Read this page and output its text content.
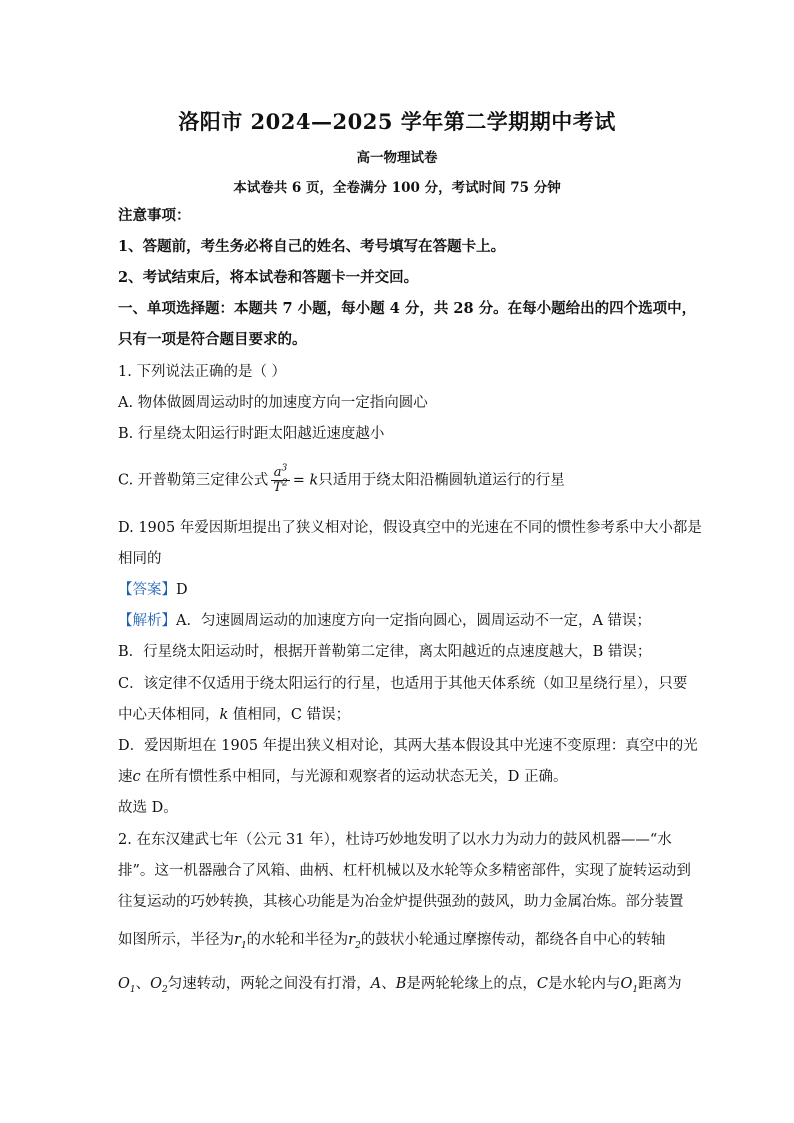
洛阳市 2024—2025 学年第二学期期中考试
高一物理试卷
本试卷共 6 页，全卷满分 100 分，考试时间 75 分钟
注意事项：
1、答题前，考生务必将自己的姓名、考号填写在答题卡上。
2、考试结束后，将本试卷和答题卡一并交回。
一、单项选择题：本题共 7 小题，每小题 4 分，共 28 分。在每小题给出的四个选项中，
只有一项是符合题目要求的。
1. 下列说法正确的是（ ）
A. 物体做圆周运动时的加速度方向一定指向圆心
B. 行星绕太阳运行时距太阳越近速度越小
C. 开普勒第三定律公式 $\frac{a^3}{T^2} = k$只适用于绕太阳沿椭圆轨道运行的行星
D. 1905 年爱因斯坦提出了狭义相对论，假设真空中的光速在不同的惯性参考系中大小都是
相同的
【答案】D
【解析】A．匀速圆周运动的加速度方向一定指向圆心，圆周运动不一定，A 错误；
B．行星绕太阳运动时，根据开普勒第二定律，离太阳越近的点速度越大，B 错误；
C．该定律不仅适用于绕太阳运行的行星，也适用于其他天体系统（如卫星绕行星），只要
中心天体相同，k 值相同，C 错误；
D．爱因斯坦在 1905 年提出狭义相对论，其两大基本假设其中光速不变原理：真空中的光
速c 在所有惯性系中相同，与光源和观察者的运动状态无关，D 正确。
故选 D。
2. 在东汉建武七年（公元 31 年），杜诗巧妙地发明了以水力为动力的鼓风机器——“水
排”。这一机器融合了风箱、曲柄、杠杆机械以及水轮等众多精密部件，实现了旋转运动到
往复运动的巧妙转换，其核心功能是为冶金炉提供强劲的鼓风，助力金属冶炼。部分装置
如图所示，半径为$r_1$的水轮和半径为$r_2$的鼓状小轮通过摩擦传动，都绕各自中心的转轴
$O_1$、$O_2$匀速转动，两轮之间没有打滑，A、B是两轮轮缘上的点，C是水轮内与$O_1$距离为
